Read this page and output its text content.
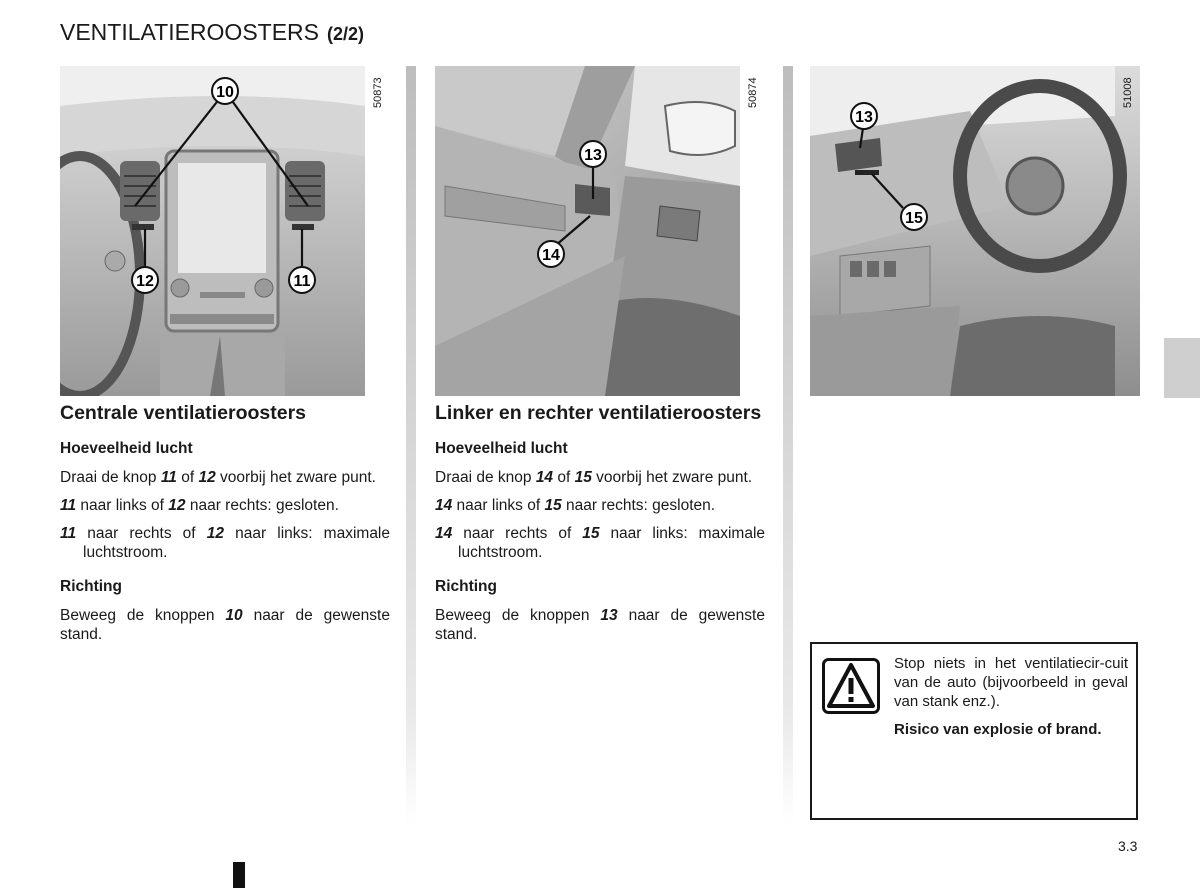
VENTILATIEROOSTERS (2/2)
10
12	11
50873
13
14
50874
13
15
51008
Centrale ventilatieroosters
Hoeveelheid lucht

Draai de knop 11 of 12 voorbij het zware punt.

11 naar links of 12 naar rechts: gesloten.

11 naar rechts of 12 naar links: maximale luchtstroom.

Richting

Beweeg de knoppen 10 naar de gewenste stand.

Linker en rechter ventilatieroosters
Hoeveelheid lucht

Draai de knop 14 of 15 voorbij het zware punt.

14 naar links of 15 naar rechts: gesloten.

14 naar rechts of 15 naar links: maximale luchtstroom.

Richting

Beweeg de knoppen 13 naar de gewenste stand.

Stop niets in het ventilatiecir-cuit van de auto (bijvoorbeeld in geval van stank enz.).

Risico van explosie of brand.

3.3
